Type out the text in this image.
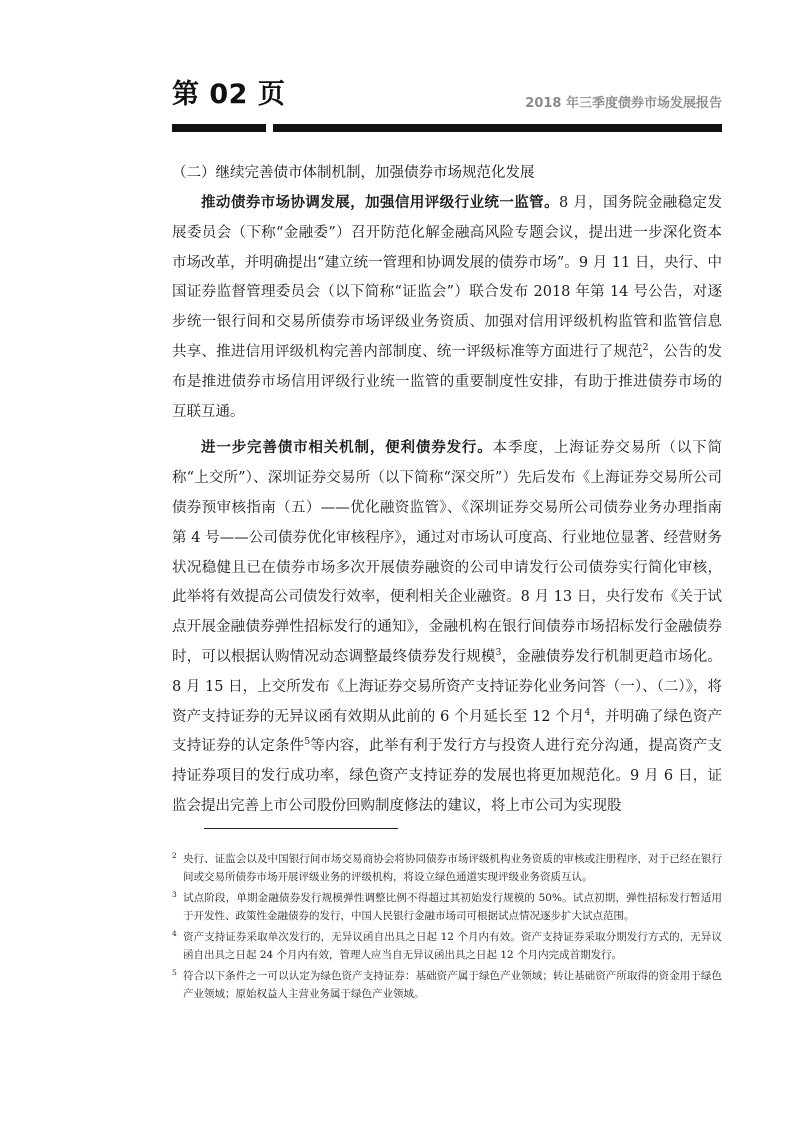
第 02 页	2018 年三季度债券市场发展报告
（二）继续完善债市体制机制，加强债券市场规范化发展

推动债券市场协调发展，加强信用评级行业统一监管。8 月，国务院金融稳定发展委员会（下称“金融委”）召开防范化解金融高风险专题会议，提出进一步深化资本市场改革，并明确提出“建立统一管理和协调发展的债券市场”。9 月 11 日，央行、中国证券监督管理委员会（以下简称“证监会”）联合发布 2018 年第 14 号公告，对逐步统一银行间和交易所债券市场评级业务资质、加强对信用评级机构监管和监管信息共享、推进信用评级机构完善内部制度、统一评级标准等方面进行了规范$^2$，公告的发布是推进债券市场信用评级行业统一监管的重要制度性安排，有助于推进债券市场的互联互通。

进一步完善债市相关机制，便利债券发行。本季度，上海证券交易所（以下简称“上交所”）、深圳证券交易所（以下简称“深交所”）先后发布《上海证券交易所公司债券预审核指南（五）——优化融资监管》、《深圳证券交易所公司债券业务办理指南第 4 号——公司债券优化审核程序》，通过对市场认可度高、行业地位显著、经营财务状况稳健且已在债券市场多次开展债券融资的公司申请发行公司债券实行简化审核，此举将有效提高公司债发行效率，便利相关企业融资。8 月 13 日，央行发布《关于试点开展金融债券弹性招标发行的通知》，金融机构在银行间债券市场招标发行金融债券时，可以根据认购情况动态调整最终债券发行规模$^3$，金融债券发行机制更趋市场化。8 月 15 日，上交所发布《上海证券交易所资产支持证券化业务问答（一）、（二）》，将资产支持证券的无异议函有效期从此前的 6 个月延长至 12 个月$^4$，并明确了绿色资产支持证券的认定条件$^5$等内容，此举有利于发行方与投资人进行充分沟通，提高资产支持证券项目的发行成功率，绿色资产支持证券的发展也将更加规范化。9 月 6 日，证监会提出完善上市公司股份回购制度修法的建议，将上市公司为实现股

2 央行、证监会以及中国银行间市场交易商协会将协同债券市场评级机构业务资质的审核或注册程序，对于已经在银行间或交易所债券市场开展评级业务的评级机构，将设立绿色通道实现评级业务资质互认。
3 试点阶段，单期金融债券发行规模弹性调整比例不得超过其初始发行规模的 50%。试点初期，弹性招标发行暂适用于开发性、政策性金融债券的发行，中国人民银行金融市场司可根据试点情况逐步扩大试点范围。
4 资产支持证券采取单次发行的，无异议函自出具之日起 12 个月内有效。资产支持证券采取分期发行方式的，无异议函自出具之日起 24 个月内有效，管理人应当自无异议函出具之日起 12 个月内完成首期发行。
5 符合以下条件之一可以认定为绿色资产支持证券：基础资产属于绿色产业领域；转让基础资产所取得的资金用于绿色产业领域；原始权益人主营业务属于绿色产业领域。
